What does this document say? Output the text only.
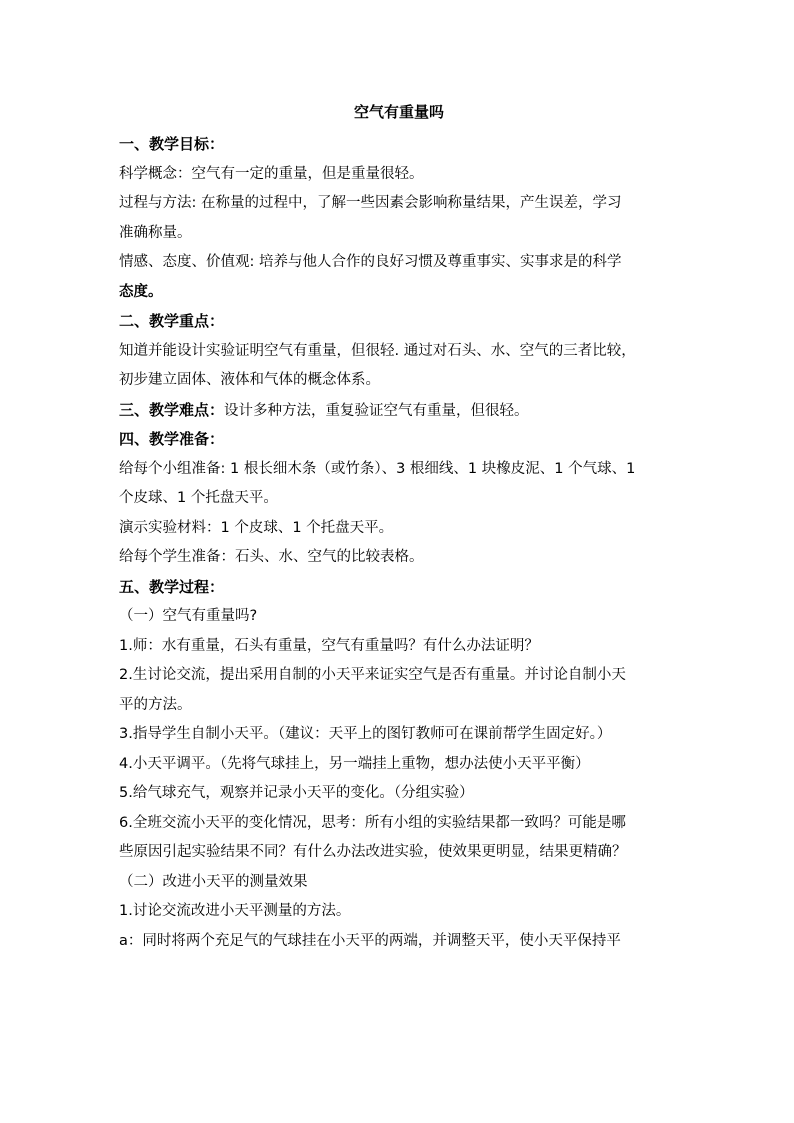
空气有重量吗
一、教学目标：
科学概念：空气有一定的重量，但是重量很轻。
过程与方法: 在称量的过程中，了解一些因素会影响称量结果，产生误差，学习
准确称量。
情感、态度、价值观: 培养与他人合作的良好习惯及尊重事实、实事求是的科学
态度。
二、教学重点：
知道并能设计实验证明空气有重量，但很轻. 通过对石头、水、空气的三者比较，
初步建立固体、液体和气体的概念体系。
三、教学难点：设计多种方法，重复验证空气有重量，但很轻。
四、教学准备：
给每个小组准备: 1 根长细木条（或竹条）、3 根细线、1 块橡皮泥、1 个气球、1
个皮球、1 个托盘天平。
演示实验材料：1 个皮球、1 个托盘天平。
给每个学生准备：石头、水、空气的比较表格。
五、教学过程：
（一）空气有重量吗?
1.师：水有重量，石头有重量，空气有重量吗？有什么办法证明？
2.生讨论交流，提出采用自制的小天平来证实空气是否有重量。并讨论自制小天
平的方法。
3.指导学生自制小天平。（建议：天平上的图钉教师可在课前帮学生固定好。）
4.小天平调平。（先将气球挂上，另一端挂上重物，想办法使小天平平衡）
5.给气球充气，观察并记录小天平的变化。（分组实验）
6.全班交流小天平的变化情况，思考：所有小组的实验结果都一致吗？可能是哪
些原因引起实验结果不同？有什么办法改进实验，使效果更明显，结果更精确？
（二）改进小天平的测量效果
1.讨论交流改进小天平测量的方法。
a：同时将两个充足气的气球挂在小天平的两端，并调整天平，使小天平保持平
